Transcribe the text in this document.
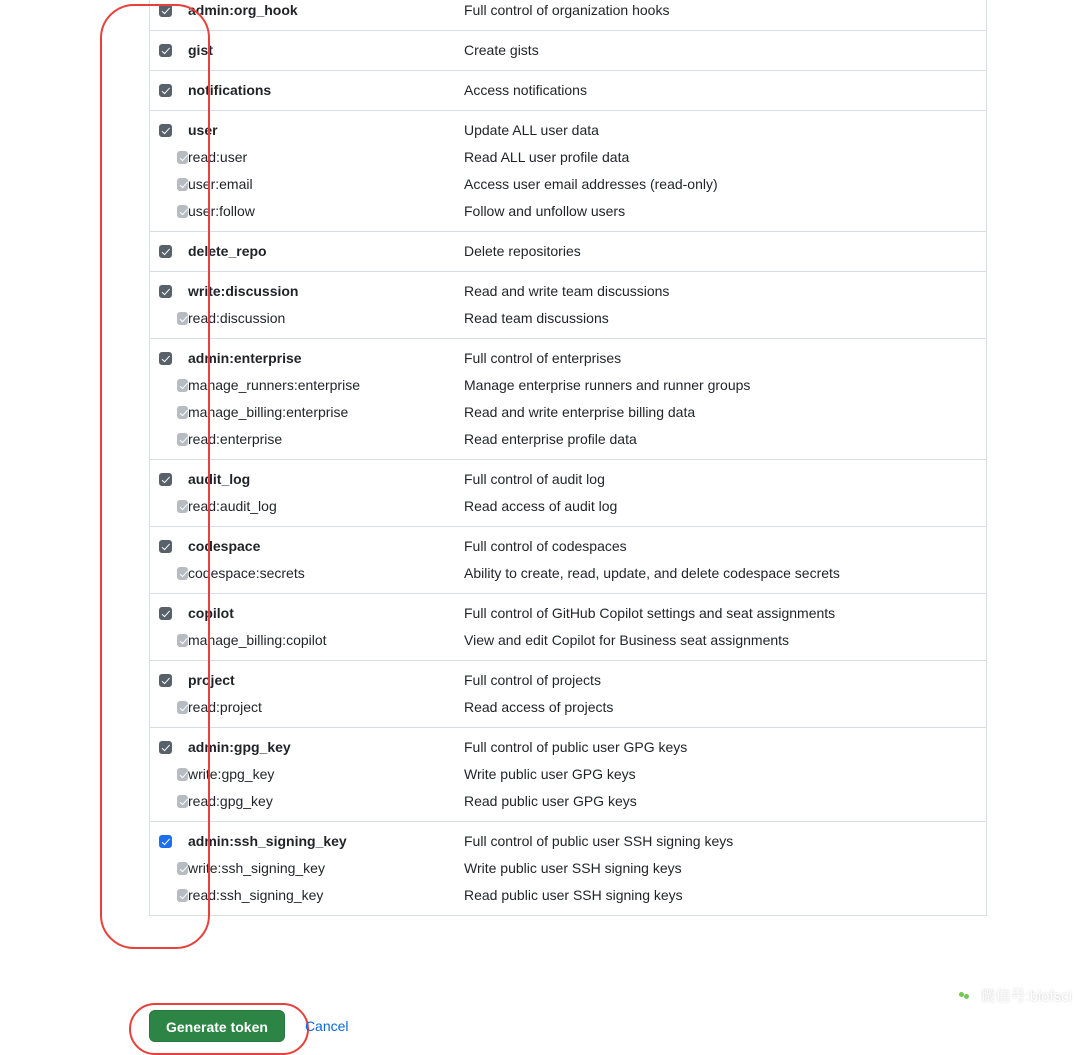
admin:org_hook	Full control of organization hooks
gist	Create gists
notifications	Access notifications
user	Update ALL user data
read:user	Read ALL user profile data
user:email	Access user email addresses (read-only)
user:follow	Follow and unfollow users
delete_repo	Delete repositories
write:discussion	Read and write team discussions
read:discussion	Read team discussions
admin:enterprise	Full control of enterprises
manage_runners:enterprise	Manage enterprise runners and runner groups
manage_billing:enterprise	Read and write enterprise billing data
read:enterprise	Read enterprise profile data
audit_log	Full control of audit log
read:audit_log	Read access of audit log
codespace	Full control of codespaces
codespace:secrets	Ability to create, read, update, and delete codespace secrets
copilot	Full control of GitHub Copilot settings and seat assignments
manage_billing:copilot	View and edit Copilot for Business seat assignments
project	Full control of projects
read:project	Read access of projects
admin:gpg_key	Full control of public user GPG keys
write:gpg_key	Write public user GPG keys
read:gpg_key	Read public user GPG keys
admin:ssh_signing_key	Full control of public user SSH signing keys
write:ssh_signing_key	Write public user SSH signing keys
read:ssh_signing_key	Read public user SSH signing keys
Generate token	Cancel
微信号:biofsci
